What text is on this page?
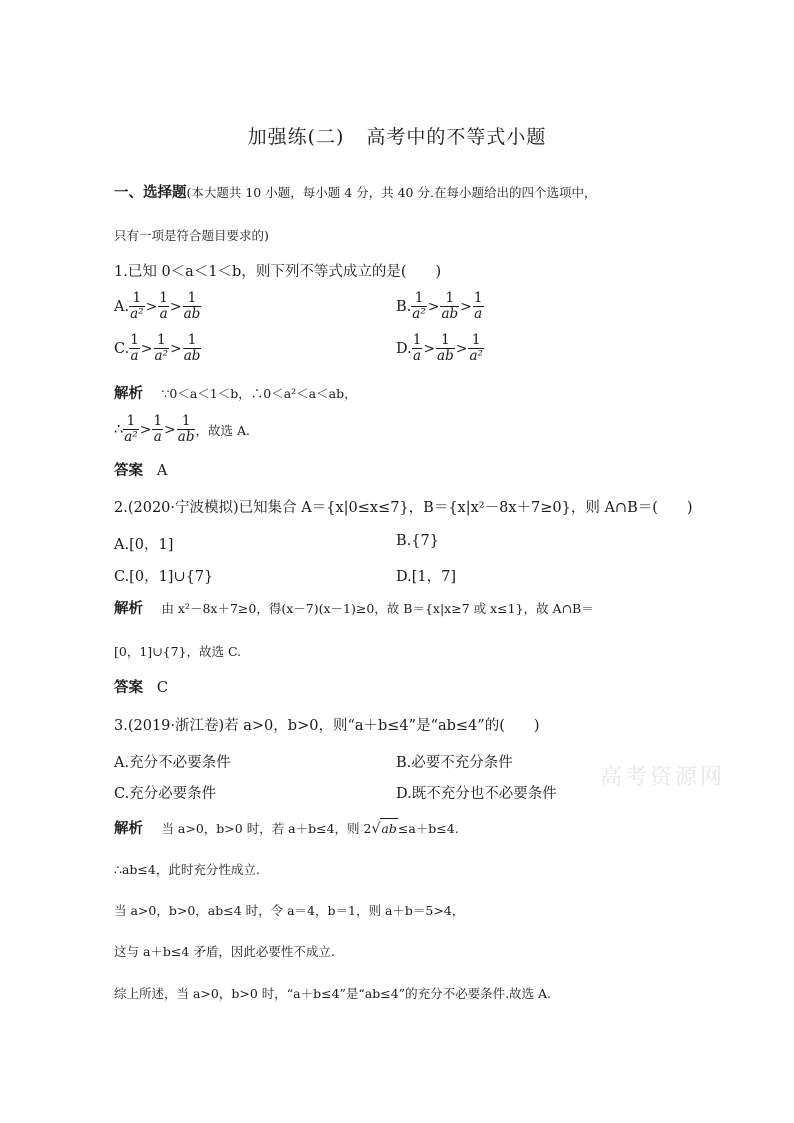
加强练(二) 高考中的不等式小题
一、选择题(本大题共 10 小题，每小题 4 分，共 40 分.在每小题给出的四个选项中，
只有一项是符合题目要求的)
1.已知 0＜a＜1＜b，则下列不等式成立的是(　　)
A. $\frac{1}{\text{a²}} > \frac{1}{a} > \frac{1}{ab}$	B. $\frac{1}{\text{a²}} > \frac{1}{ab} > \frac{1}{a}$
C. $\frac{1}{a} > \frac{1}{\text{a²}} > \frac{1}{ab}$	D. $\frac{1}{a} > \frac{1}{ab} > \frac{1}{\text{a²}}$
解析 ∵0＜a＜1＜b，∴0＜a²＜a＜ab，
∴ $\frac{1}{\text{a²}} > \frac{1}{a} > \frac{1}{ab}$ ，故选 A.
答案 A
2.(2020·宁波模拟)已知集合 A＝{x|0≤x≤7}，B＝{x|x²－8x＋7≥0}，则 A∩B＝(　　)
A.[0，1]	B.{7}
C.[0，1]∪{7}	D.[1，7]
解析 由 x²－8x＋7≥0，得(x－7)(x－1)≥0，故 B＝{x|x≥7 或 x≤1}，故 A∩B＝
[0，1]∪{7}，故选 C.
答案 C
3.(2019·浙江卷)若 a>0，b>0，则“a＋b≤4”是“ab≤4”的(　　)
A.充分不必要条件	B.必要不充分条件
C.充分必要条件	D.既不充分也不必要条件
高考资源网
解析 当 a>0，b>0 时，若 a＋b≤4，则 2√ab≤a＋b≤4.
∴ab≤4，此时充分性成立.
当 a>0，b>0，ab≤4 时，令 a＝4，b＝1，则 a＋b＝5>4，
这与 a＋b≤4 矛盾，因此必要性不成立.
综上所述，当 a>0，b>0 时，“a＋b≤4”是“ab≤4”的充分不必要条件.故选 A.
